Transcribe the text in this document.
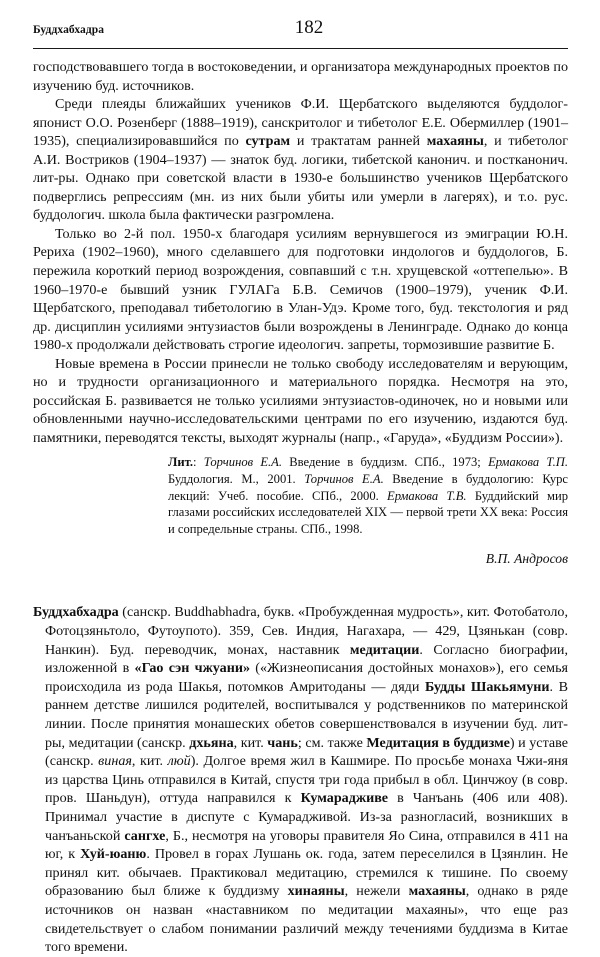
Буддхабхадра	182

господствовавшего тогда в востоковедении, и организатора международных проектов по изучению буд. источников.

Среди плеяды ближайших учеников Ф.И. Щербатского выделяются буддолог-японист О.О. Розенберг (1888–1919), санскритолог и тибетолог Е.Е. Обермиллер (1901–1935), специализировавшийся по сутрам и трактатам ранней махаяны, и тибетолог А.И. Востриков (1904–1937) — знаток буд. логики, тибетской канонич. и постканонич. лит-ры. Однако при советской власти в 1930-е большинство учеников Щербатского подверглись репрессиям (мн. из них были убиты или умерли в лагерях), и т.о. рус. буддологич. школа была фактически разгромлена.

Только во 2-й пол. 1950-х благодаря усилиям вернувшегося из эмиграции Ю.Н. Рериха (1902–1960), много сделавшего для подготовки индологов и буддологов, Б. пережила короткий период возрождения, совпавший с т.н. хрущевской «оттепелью». В 1960–1970-е бывший узник ГУЛАГа Б.В. Семичов (1900–1979), ученик Ф.И. Щербатского, преподавал тибетологию в Улан-Удэ. Кроме того, буд. текстология и ряд др. дисциплин усилиями энтузиастов были возрождены в Ленинграде. Однако до конца 1980-х продолжали действовать строгие идеологич. запреты, тормозившие развитие Б.

Новые времена в России принесли не только свободу исследователям и верующим, но и трудности организационного и материального порядка. Несмотря на это, российская Б. развивается не только усилиями энтузиастов-одиночек, но и новыми или обновленными научно-исследовательскими центрами по его изучению, издаются буд. памятники, переводятся тексты, выходят журналы (напр., «Гаруда», «Буддизм России»).

Лит.: Торчинов Е.А. Введение в буддизм. СПб., 1973; Ермакова Т.П. Буддология. М., 2001. Торчинов Е.А. Введение в буддологию: Курс лекций: Учеб. пособие. СПб., 2000. Ермакова Т.В. Буддийский мир глазами российских исследователей XIX — первой трети XX века: Россия и сопредельные страны. СПб., 1998.
В.П. Андросов

Буддхабхадра (санскр. Buddhabhadra, букв. «Пробужденная мудрость», кит. Фотобатоло, Фотоцзяньтоло, Футоупото). 359, Сев. Индия, Нагахара, — 429, Цзянькан (совр. Нанкин). Буд. переводчик, монах, наставник медитации. Согласно биографии, изложенной в «Гао сэн чжуани» («Жизнеописания достойных монахов»), его семья происходила из рода Шакья, потомков Амритоданы — дяди Будды Шакьямуни. В раннем детстве лишился родителей, воспитывался у родственников по материнской линии. После принятия монашеских обетов совершенствовался в изучении буд. лит-ры, медитации (санскр. дхьяна, кит. чань; см. также Медитация в буддизме) и уставе (санскр. виная, кит. люй). Долгое время жил в Кашмире. По просьбе монаха Чжи-яня из царства Цинь отправился в Китай, спустя три года прибыл в обл. Цинчжоу (в совр. пров. Шаньдун), оттуда направился к Кумарадживе в Чанъань (406 или 408). Принимал участие в диспуте с Кумарадживой. Из-за разногласий, возникших в чанъаньской сангхе, Б., несмотря на уговоры правителя Яо Сина, отправился в 411 на юг, к Хуй-юаню. Провел в горах Лушань ок. года, затем переселился в Цзянлин. Не принял кит. обычаев. Практиковал медитацию, стремился к тишине. По своему образованию был ближе к буддизму хинаяны, нежели махаяны, однако в ряде источников он назван «наставником по медитации махаяны», что еще раз свидетельствует о слабом понимании различий между течениями буддизма в Китае того времени.
